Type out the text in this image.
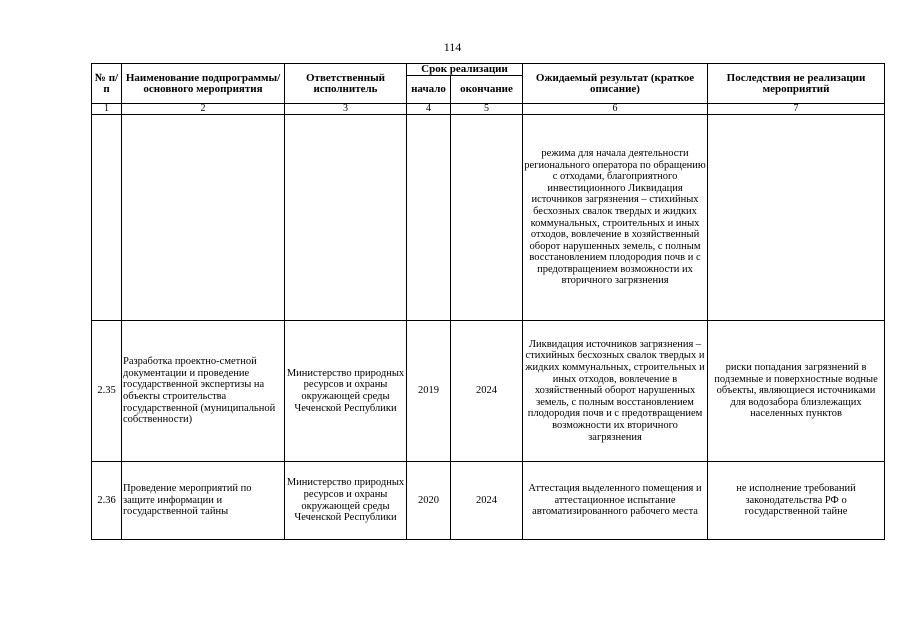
114
№ п/п	Наименование подпрограммы/ основного мероприятия	Ответственный исполнитель	Срок реализации		Ожидаемый результат (краткое описание)	Последствия не реализации мероприятий
			начало	окончание		
1	2	3	4	5	6	7
					режима для начала деятельности регионального оператора по обращению с отходами, благоприятного инвестиционного Ликвидация источников загрязнения – стихийных бесхозных свалок твердых и жидких коммунальных, строительных и иных отходов, вовлечение в хозяйственный оборот нарушенных земель, с полным восстановлением плодородия почв и с предотвращением возможности их вторичного загрязнения	
2.35	Разработка проектно-сметной документации и проведение государственной экспертизы на объекты строительства государственной (муниципальной собственности)	Министерство природных ресурсов и охраны окружающей среды Чеченской Республики	2019	2024	Ликвидация источников загрязнения –стихийных бесхозных свалок твердых и жидких коммунальных, строительных и иных отходов, вовлечение в хозяйственный оборот нарушенных земель, с полным восстановлением плодородия почв и с предотвращением возможности их вторичного загрязнения	риски попадания загрязнений в подземные и поверхностные водные объекты, являющиеся источниками для водозабора близлежащих населенных пунктов
2.36	Проведение мероприятий по защите информации и государственной тайны	Министерство природных ресурсов и охраны окружающей среды Чеченской Республики	2020	2024	Аттестация выделенного помещения и аттестационное испытание автоматизированного рабочего места	не исполнение требований законодательства РФ о государственной тайне
